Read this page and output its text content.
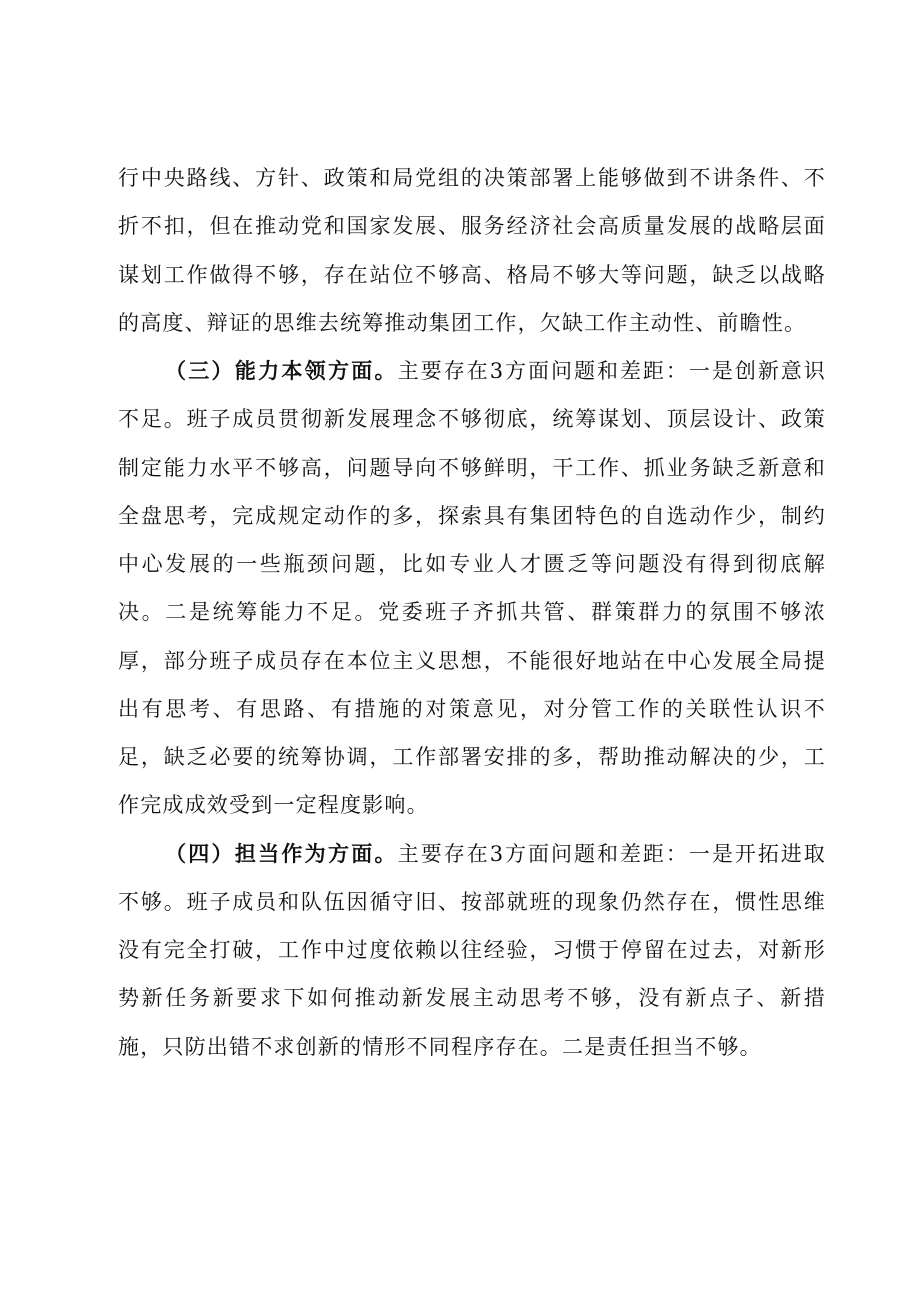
行中央路线、方针、政策和局党组的决策部署上能够做到不讲条件、不折不扣，但在推动党和国家发展、服务经济社会高质量发展的战略层面谋划工作做得不够，存在站位不够高、格局不够大等问题，缺乏以战略的高度、辩证的思维去统筹推动集团工作，欠缺工作主动性、前瞻性。

（三）能力本领方面。主要存在3方面问题和差距：一是创新意识不足。班子成员贯彻新发展理念不够彻底，统筹谋划、顶层设计、政策制定能力水平不够高，问题导向不够鲜明，干工作、抓业务缺乏新意和全盘思考，完成规定动作的多，探索具有集团特色的自选动作少，制约中心发展的一些瓶颈问题，比如专业人才匮乏等问题没有得到彻底解决。二是统筹能力不足。党委班子齐抓共管、群策群力的氛围不够浓厚，部分班子成员存在本位主义思想，不能很好地站在中心发展全局提出有思考、有思路、有措施的对策意见，对分管工作的关联性认识不足，缺乏必要的统筹协调，工作部署安排的多，帮助推动解决的少，工作完成成效受到一定程度影响。

（四）担当作为方面。主要存在3方面问题和差距：一是开拓进取不够。班子成员和队伍因循守旧、按部就班的现象仍然存在，惯性思维没有完全打破，工作中过度依赖以往经验，习惯于停留在过去，对新形势新任务新要求下如何推动新发展主动思考不够，没有新点子、新措施，只防出错不求创新的情形不同程序存在。二是责任担当不够。
